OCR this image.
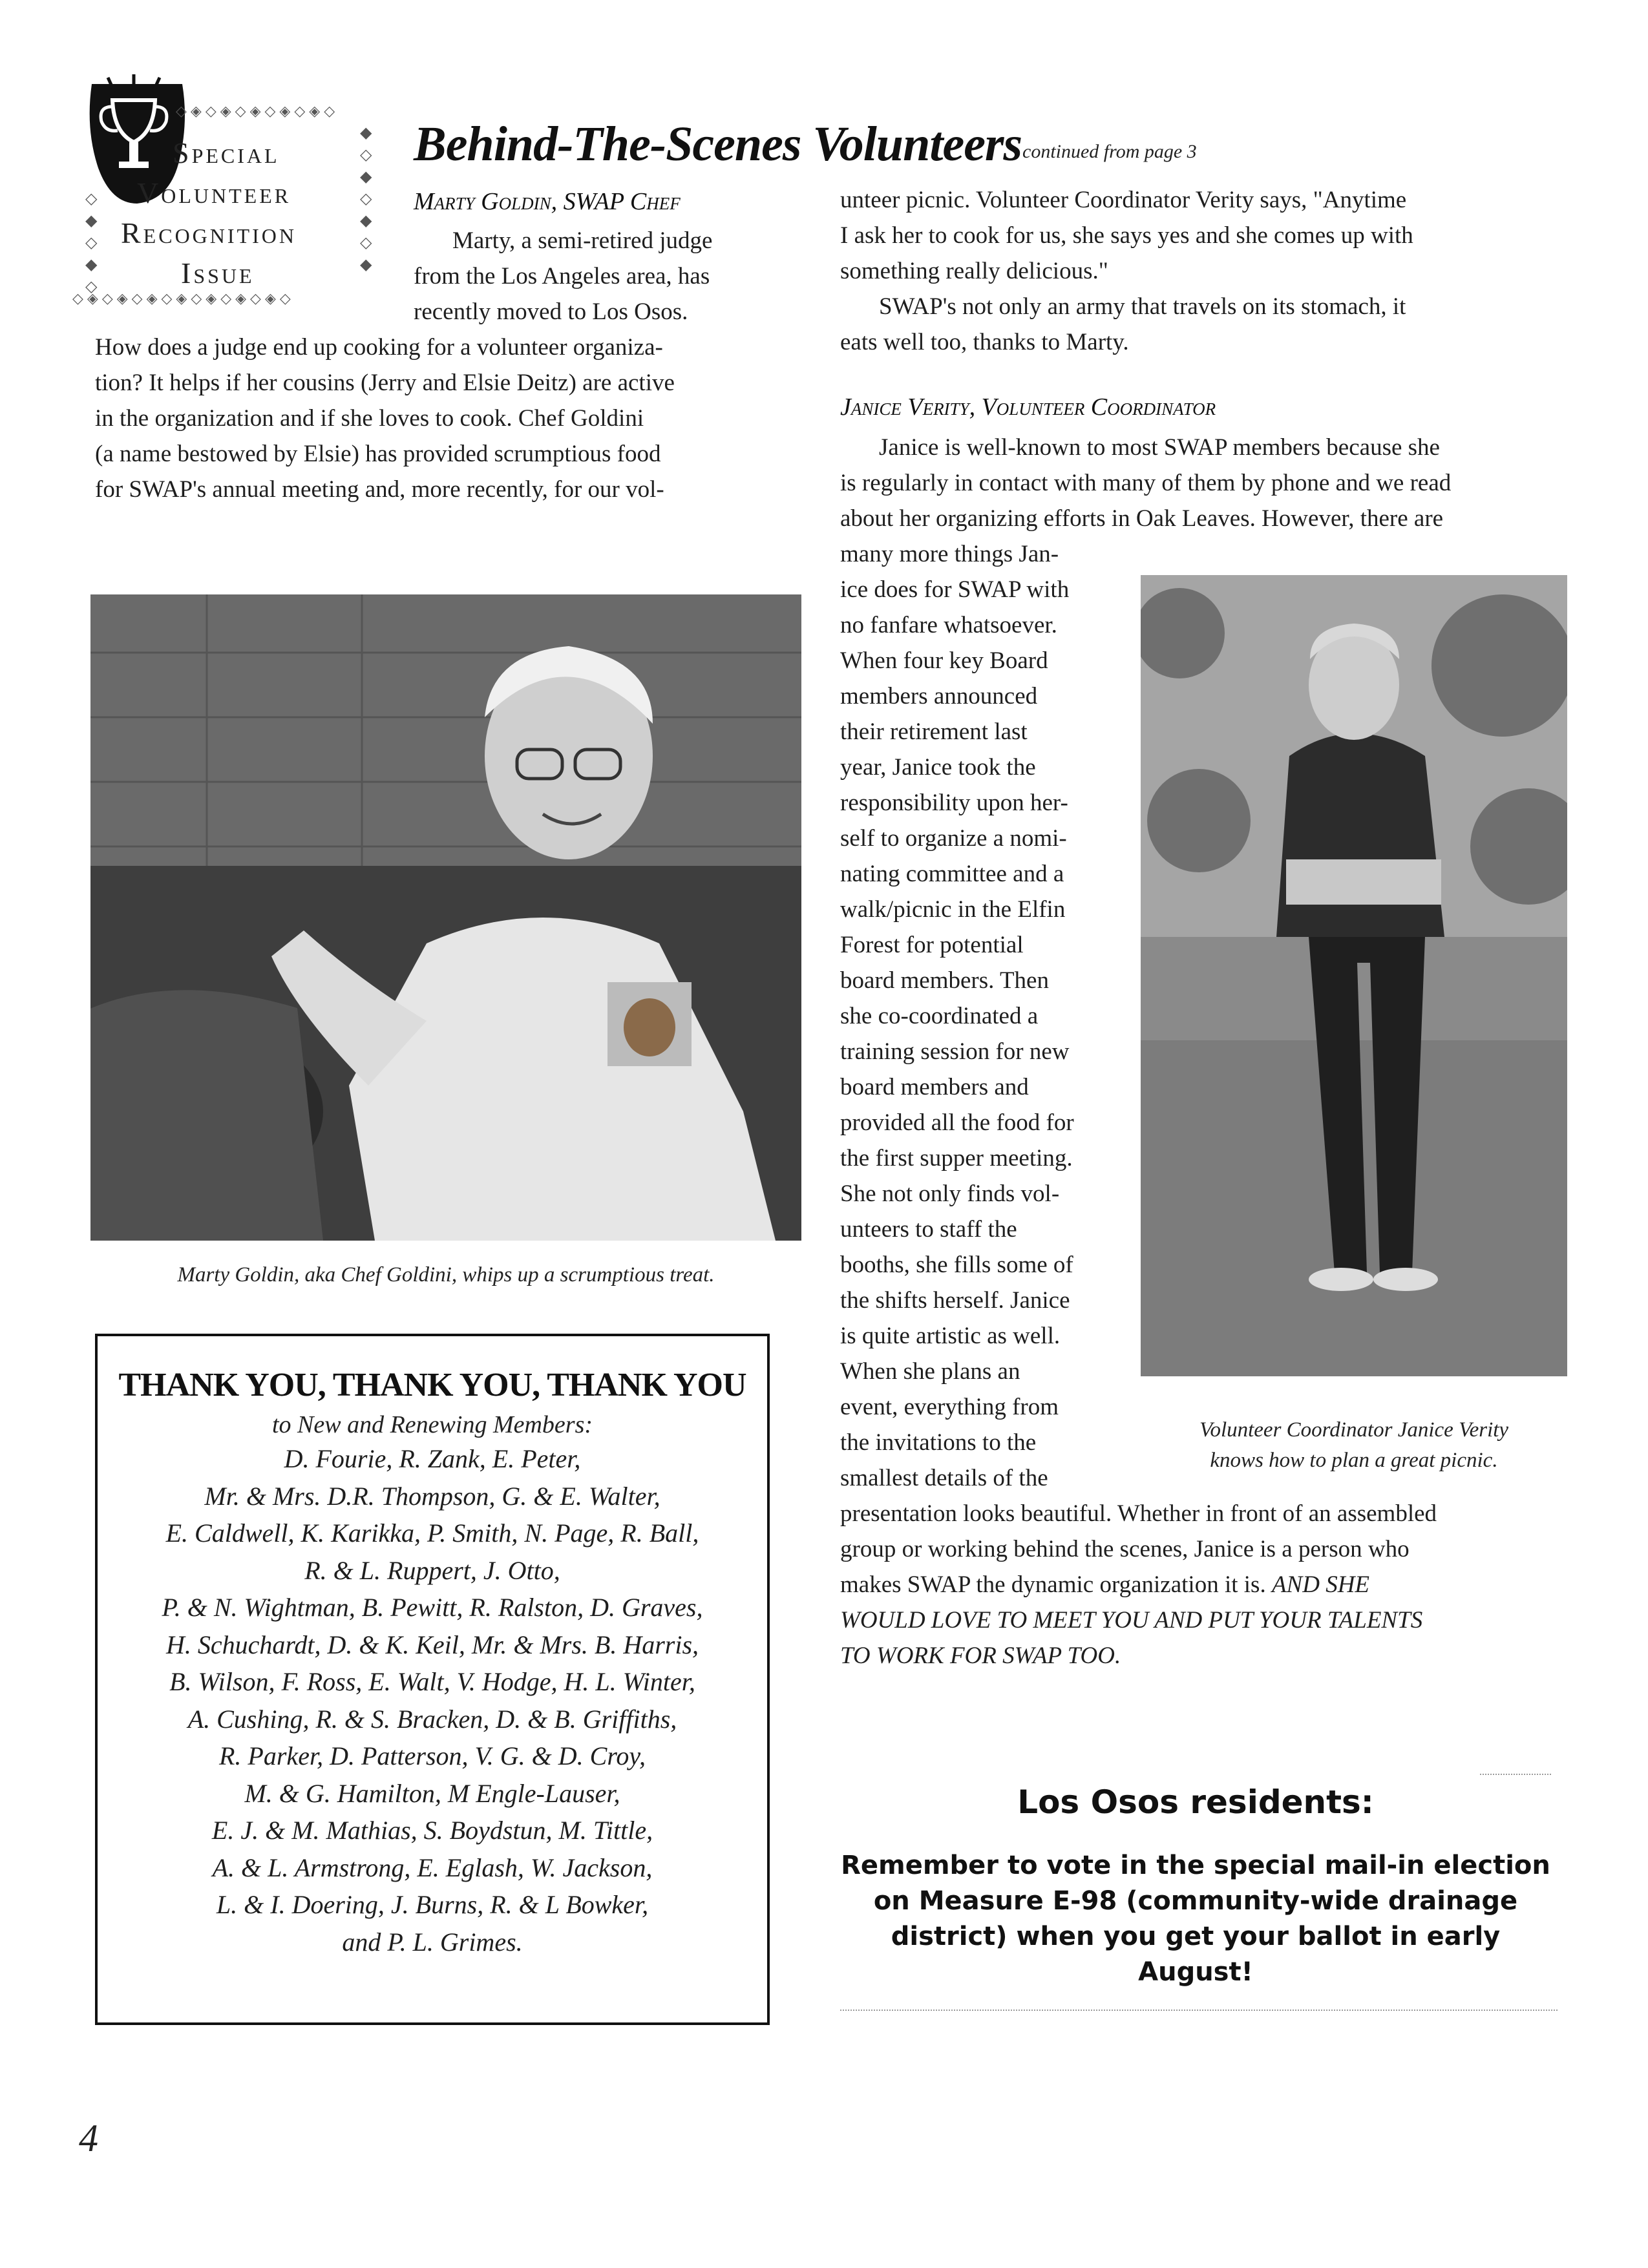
◇◈◇◈◇◈◇◈◇◈◇
◆
◇
◆
◇
◆
◇
◆
◇
◆
◇
◆
◇
◇◈◇◈◇◈◇◈◇◈◇◈◇◈◇
Special
Volunteer
Recognition
Issue
Behind-The-Scenes Volunteers continued from page 3
Marty Goldin, SWAP Chef
Marty, a semi-retired judge
from the Los Angeles area, has
recently moved to Los Osos.
How does a judge end up cooking for a volunteer organiza-
tion? It helps if her cousins (Jerry and Elsie Deitz) are active
in the organization and if she loves to cook. Chef Goldini
(a name bestowed by Elsie) has provided scrumptious food
for SWAP's annual meeting and, more recently, for our vol-
Marty Goldin, aka Chef Goldini, whips up a scrumptious treat.
unteer picnic. Volunteer Coordinator Verity says, "Anytime
I ask her to cook for us, she says yes and she comes up with
something really delicious."
SWAP's not only an army that travels on its stomach, it
eats well too, thanks to Marty.
Janice Verity, Volunteer Coordinator
Janice is well-known to most SWAP members because she
is regularly in contact with many of them by phone and we read
about her organizing efforts in Oak Leaves. However, there are
many more things Jan-
ice does for SWAP with
no fanfare whatsoever.
When four key Board
members announced
their retirement last
year, Janice took the
responsibility upon her-
self to organize a nomi-
nating committee and a
walk/picnic in the Elfin
Forest for potential
board members. Then
she co-coordinated a
training session for new
board members and
provided all the food for
the first supper meeting.
She not only finds vol-
unteers to staff the
booths, she fills some of
the shifts herself. Janice
is quite artistic as well.
When she plans an
event, everything from
the invitations to the
smallest details of the
Volunteer Coordinator Janice Verity
knows how to plan a great picnic.
presentation looks beautiful. Whether in front of an assembled
group or working behind the scenes, Janice is a person who
makes SWAP the dynamic organization it is. AND SHE
WOULD LOVE TO MEET YOU AND PUT YOUR TALENTS
TO WORK FOR SWAP TOO.
THANK YOU, THANK YOU, THANK YOU
to New and Renewing Members:
D. Fourie, R. Zank, E. Peter,
Mr. & Mrs. D.R. Thompson, G. & E. Walter,
E. Caldwell, K. Karikka, P. Smith, N. Page, R. Ball,
R. & L. Ruppert, J. Otto,
P. & N. Wightman, B. Pewitt, R. Ralston, D. Graves,
H. Schuchardt, D. & K. Keil, Mr. & Mrs. B. Harris,
B. Wilson, F. Ross, E. Walt, V. Hodge, H. L. Winter,
A. Cushing, R. & S. Bracken, D. & B. Griffiths,
R. Parker, D. Patterson, V. G. & D. Croy,
M. & G. Hamilton, M Engle-Lauser,
E. J. & M. Mathias, S. Boydstun, M. Tittle,
A. & L. Armstrong, E. Eglash, W. Jackson,
L. & I. Doering, J. Burns, R. & L Bowker,
and P. L. Grimes.
Los Osos residents:
Remember to vote in the special mail-in election
on Measure E-98 (community-wide drainage
district) when you get your ballot in early August!
4
